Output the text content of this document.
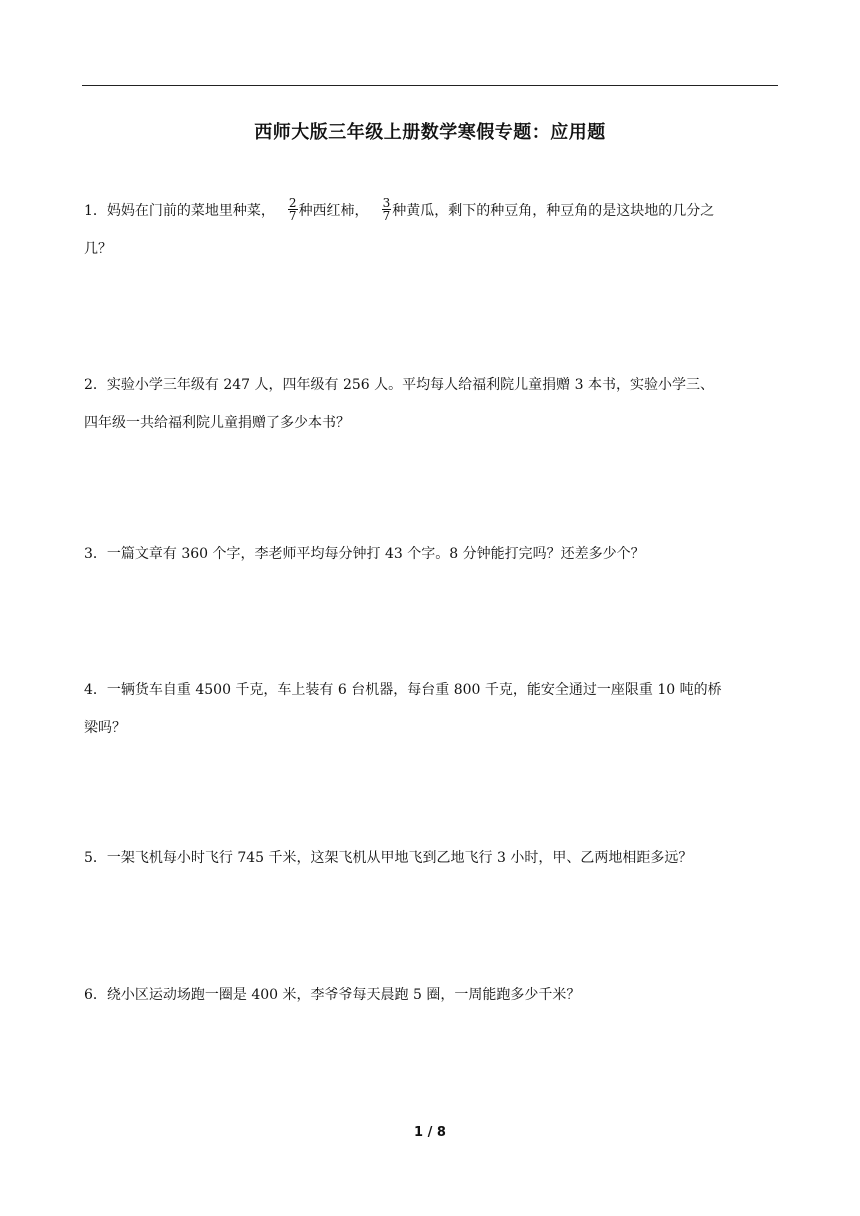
西师大版三年级上册数学寒假专题：应用题
1．妈妈在门前的菜地里种菜， $\frac{2}{7}$ 种西红柿， $\frac{3}{7}$ 种黄瓜，剩下的种豆角，种豆角的是这块地的几分之
几？
2．实验小学三年级有 247 人，四年级有 256 人。平均每人给福利院儿童捐赠 3 本书，实验小学三、
四年级一共给福利院儿童捐赠了多少本书？
3．一篇文章有 360 个字，李老师平均每分钟打 43 个字。8 分钟能打完吗？还差多少个？
4．一辆货车自重 4500 千克，车上装有 6 台机器，每台重 800 千克，能安全通过一座限重 10 吨的桥
梁吗？
5．一架飞机每小时飞行 745 千米，这架飞机从甲地飞到乙地飞行 3 小时，甲、乙两地相距多远？
6．绕小区运动场跑一圈是 400 米，李爷爷每天晨跑 5 圈，一周能跑多少千米？
1 / 8
